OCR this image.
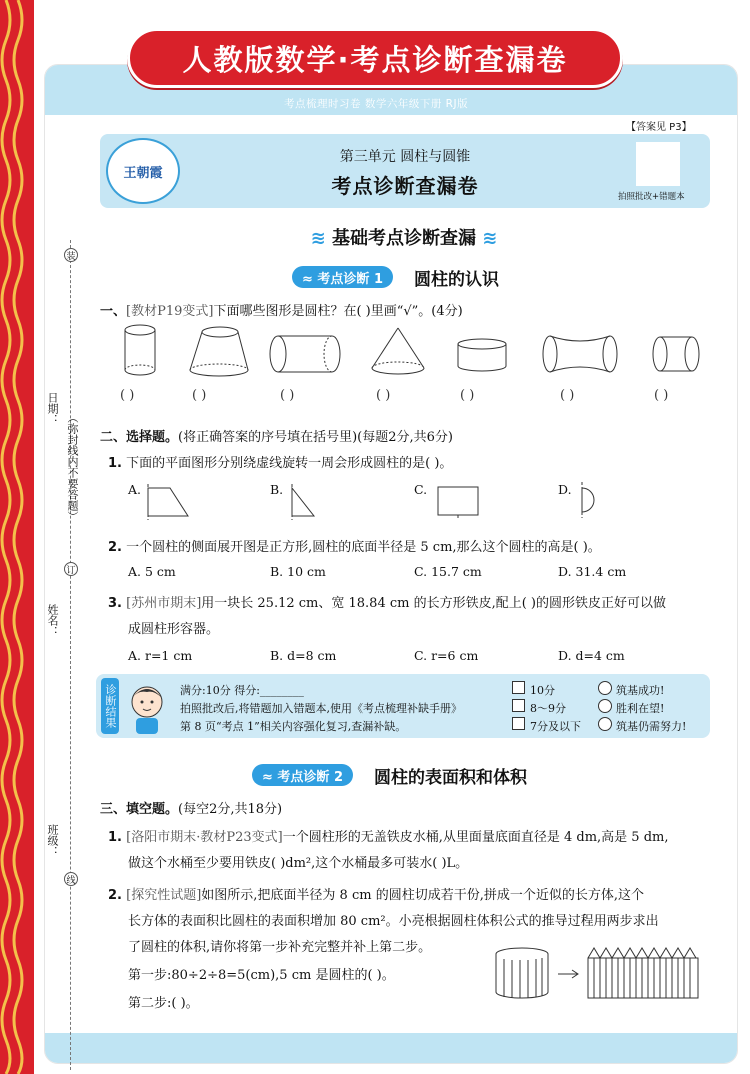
人教版数学·考点诊断查漏卷
考点梳理时习卷 数学六年级下册 RJ版
【答案见 P3】
王朝霞
第三单元 圆柱与圆锥
考点诊断查漏卷	拍照批改+错题本
装
订
线
日期：
姓名：
班级：
（弥封线内不要答题）
≋ 基础考点诊断查漏 ≋
≈ 考点诊断 1	圆柱的认识
一、[教材P19变式]下面哪些图形是圆柱？在( )里画“√”。(4分)
( )	( )	( )	( )	( )	( )	( )
二、选择题。(将正确答案的序号填在括号里)(每题2分,共6分)
1. 下面的平面图形分别绕虚线旋转一周会形成圆柱的是( )。
A.	B.	C.	D.
2. 一个圆柱的侧面展开图是正方形,圆柱的底面半径是 5 cm,那么这个圆柱的高是( )。
A. 5 cm	B. 10 cm	C. 15.7 cm	D. 31.4 cm
3. [苏州市期末]用一块长 25.12 cm、宽 18.84 cm 的长方形铁皮,配上( )的圆形铁皮正好可以做
成圆柱形容器。
A. r=1 cm	B. d=8 cm	C. r=6 cm	D. d=4 cm
诊断结果	满分:10分 得分:________
拍照批改后,将错题加入错题本,使用《考点梳理补缺手册》
第 8 页“考点 1”相关内容强化复习,查漏补缺。
10分	筑基成功!
8～9分	胜利在望!
7分及以下	筑基仍需努力!
≈ 考点诊断 2	圆柱的表面积和体积
三、填空题。(每空2分,共18分)
1. [洛阳市期末·教材P23变式]一个圆柱形的无盖铁皮水桶,从里面量底面直径是 4 dm,高是 5 dm,
做这个水桶至少要用铁皮( )dm²,这个水桶最多可装水( )L。
2. [探究性试题]如图所示,把底面半径为 8 cm 的圆柱切成若干份,拼成一个近似的长方体,这个
长方体的表面积比圆柱的表面积增加 80 cm²。小亮根据圆柱体积公式的推导过程用两步求出
了圆柱的体积,请你将第一步补充完整并补上第二步。
第一步:80÷2÷8=5(cm),5 cm 是圆柱的( )。
第二步:( )。
